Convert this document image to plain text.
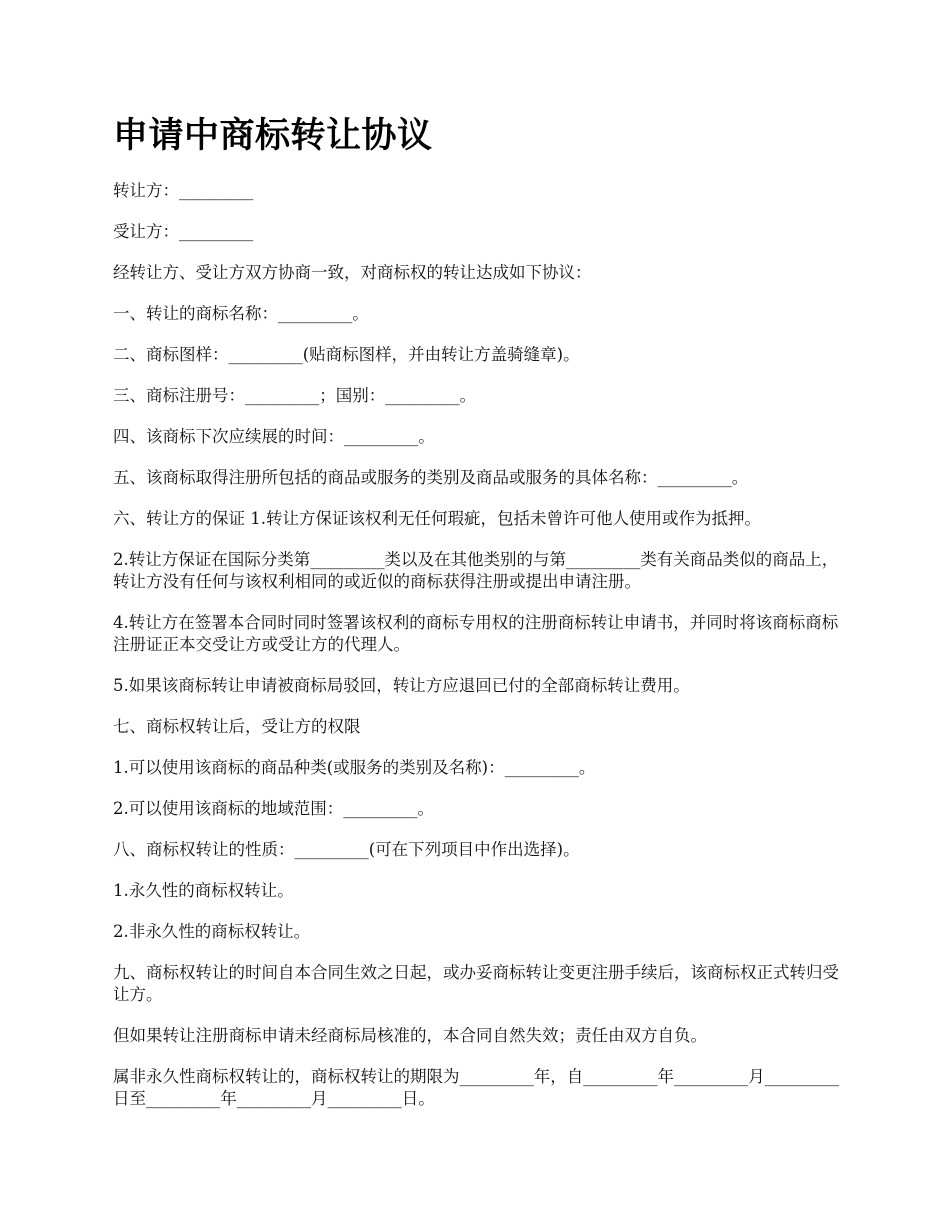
申请中商标转让协议

转让方：_________

受让方：_________

经转让方、受让方双方协商一致，对商标权的转让达成如下协议：

一、转让的商标名称：_________。

二、商标图样：_________(贴商标图样，并由转让方盖骑缝章)。

三、商标注册号：_________；国别：_________。

四、该商标下次应续展的时间：_________。

五、该商标取得注册所包括的商品或服务的类别及商品或服务的具体名称：_________。

六、转让方的保证 1.转让方保证该权利无任何瑕疵，包括未曾许可他人使用或作为抵押。

2.转让方保证在国际分类第_________类以及在其他类别的与第_________类有关商品类似的商品上，转让方没有任何与该权利相同的或近似的商标获得注册或提出申请注册。

4.转让方在签署本合同时同时签署该权利的商标专用权的注册商标转让申请书，并同时将该商标商标注册证正本交受让方或受让方的代理人。

5.如果该商标转让申请被商标局驳回，转让方应退回已付的全部商标转让费用。

七、商标权转让后，受让方的权限

1.可以使用该商标的商品种类(或服务的类别及名称)：_________。

2.可以使用该商标的地域范围：_________。

八、商标权转让的性质：_________(可在下列项目中作出选择)。

1.永久性的商标权转让。

2.非永久性的商标权转让。

九、商标权转让的时间自本合同生效之日起，或办妥商标转让变更注册手续后，该商标权正式转归受让方。

但如果转让注册商标申请未经商标局核准的，本合同自然失效；责任由双方自负。

属非永久性商标权转让的，商标权转让的期限为_________年，自_________年_________月_________日至_________年_________月_________日。
